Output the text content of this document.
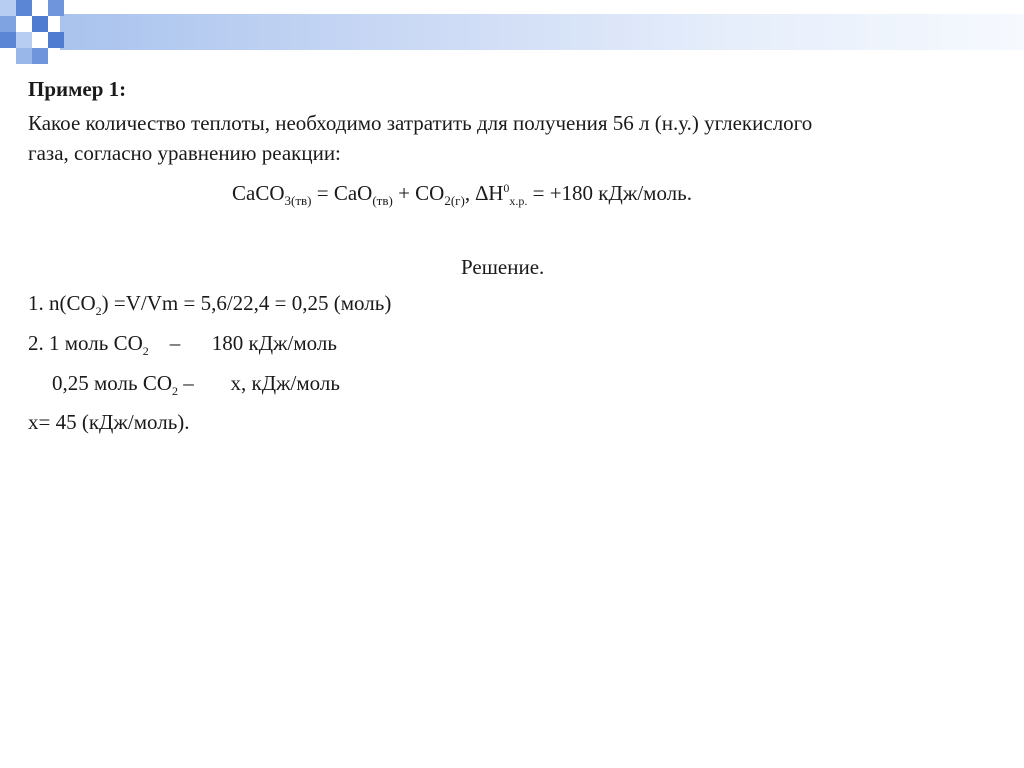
Пример 1:

Какое количество теплоты, необходимо затратить для получения 56 л (н.у.) углекислого

газа, согласно уравнению реакции:

CaCO$_{3(тв)}$ = $CaO_{(тв)} + CO_{2(г)}$, $\Delta H^0_{х.р.} = +180$ кДж/моль.

Решение.

1. $n(CO_2) =V/Vm = 5,6/22,4 = 0,25$ (моль)

2. 1 моль $CO_2$    –      180 кДж/моль

0,25 моль $CO_2$ –       x, кДж/моль

x= 45 (кДж/моль).
